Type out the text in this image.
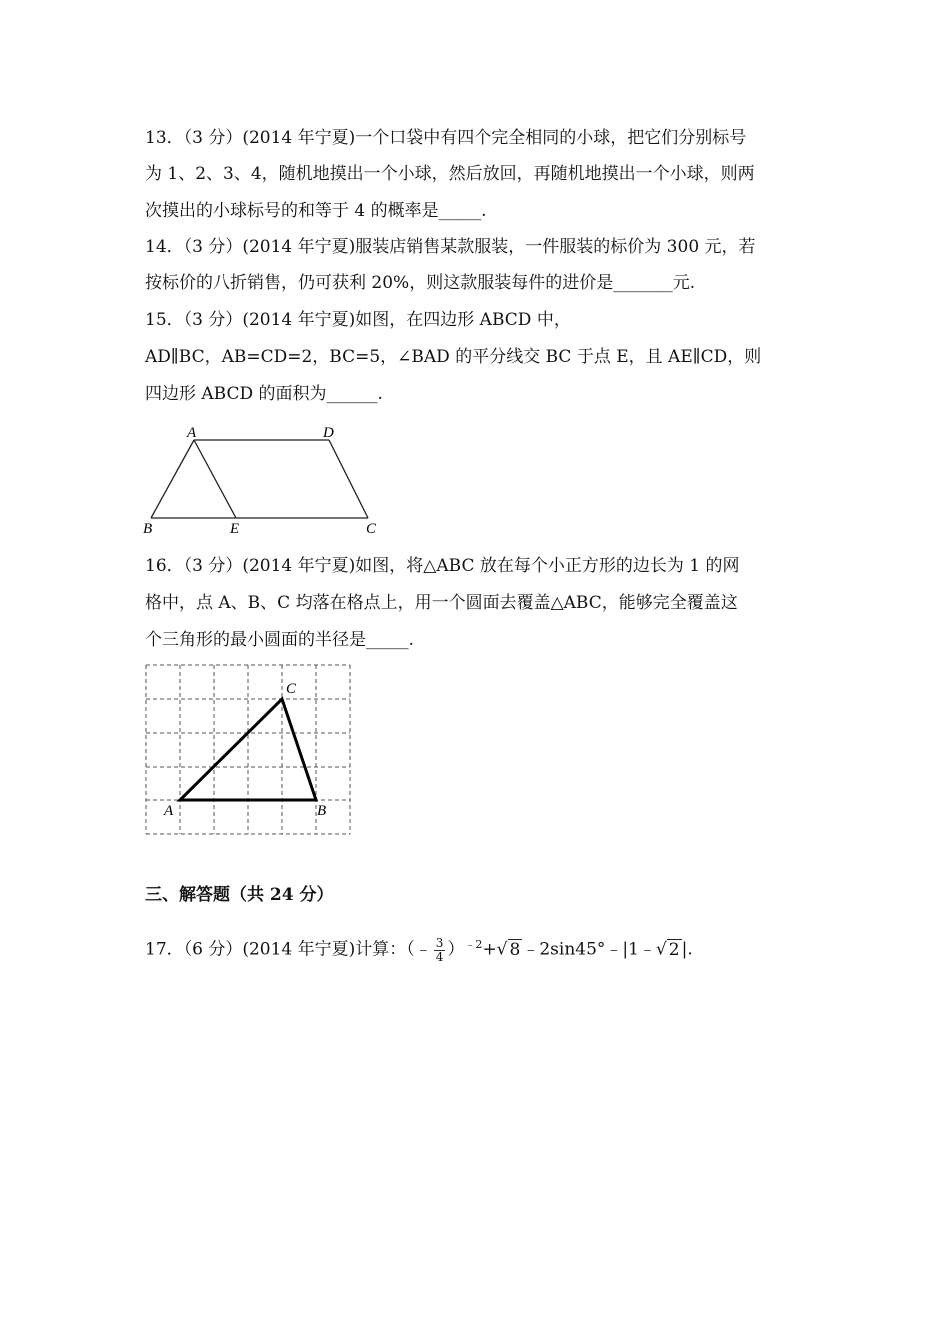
13．（3 分）(2014 年宁夏)一个口袋中有四个完全相同的小球，把它们分别标号
为 1、2、3、4，随机地摸出一个小球，然后放回，再随机地摸出一个小球，则两
次摸出的小球标号的和等于 4 的概率是_____.
14．（3 分）(2014 年宁夏)服装店销售某款服装，一件服装的标价为 300 元，若
按标价的八折销售，仍可获利 20%，则这款服装每件的进价是_______元.
15．（3 分）(2014 年宁夏)如图，在四边形 ABCD 中，
AD∥BC，AB=CD=2，BC=5，∠BAD 的平分线交 BC 于点 E，且 AE∥CD，则
四边形 ABCD 的面积为______.
A	D
B	E	C
16．（3 分）(2014 年宁夏)如图，将△ABC 放在每个小正方形的边长为 1 的网
格中，点 A、B、C 均落在格点上，用一个圆面去覆盖△ABC，能够完全覆盖这
个三角形的最小圆面的半径是_____.
C
A	B
三、解答题（共 24 分）
17．（6 分）(2014 年宁夏)计算：（﹣ $\frac{3}{4} )^{﹣2}+√$ 8 ﹣2sin45°﹣|1﹣√ 2 |.
